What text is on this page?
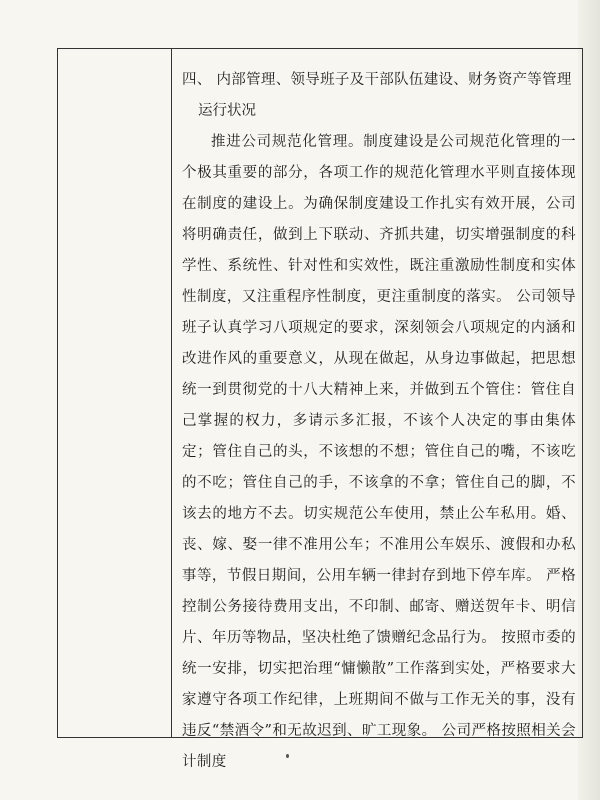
四、 内部管理、领导班子及干部队伍建设、财务资产等管理

运行状况

推进公司规范化管理。制度建设是公司规范化管理的一个极其重要的部分，各项工作的规范化管理水平则直接体现在制度的建设上。为确保制度建设工作扎实有效开展，公司将明确责任，做到上下联动、齐抓共建，切实增强制度的科学性、系统性、针对性和实效性，既注重激励性制度和实体性制度，又注重程序性制度，更注重制度的落实。 公司领导班子认真学习八项规定的要求，深刻领会八项规定的内涵和改进作风的重要意义，从现在做起，从身边事做起，把思想统一到贯彻党的十八大精神上来，并做到五个管住：管住自己掌握的权力，多请示多汇报，不该个人决定的事由集体定；管住自己的头，不该想的不想；管住自己的嘴，不该吃的不吃；管住自己的手，不该拿的不拿；管住自己的脚，不该去的地方不去。切实规范公车使用，禁止公车私用。婚、丧、嫁、娶一律不准用公车；不准用公车娱乐、渡假和办私事等，节假日期间，公用车辆一律封存到地下停车库。 严格控制公务接待费用支出，不印制、邮寄、赠送贺年卡、明信片、年历等物品，坚决杜绝了馈赠纪念品行为。 按照市委的统一安排，切实把治理“慵懒散”工作落到实处，严格要求大家遵守各项工作纪律，上班期间不做与工作无关的事，没有违反“禁酒令”和无故迟到、旷工现象。 公司严格按照相关会计制度
